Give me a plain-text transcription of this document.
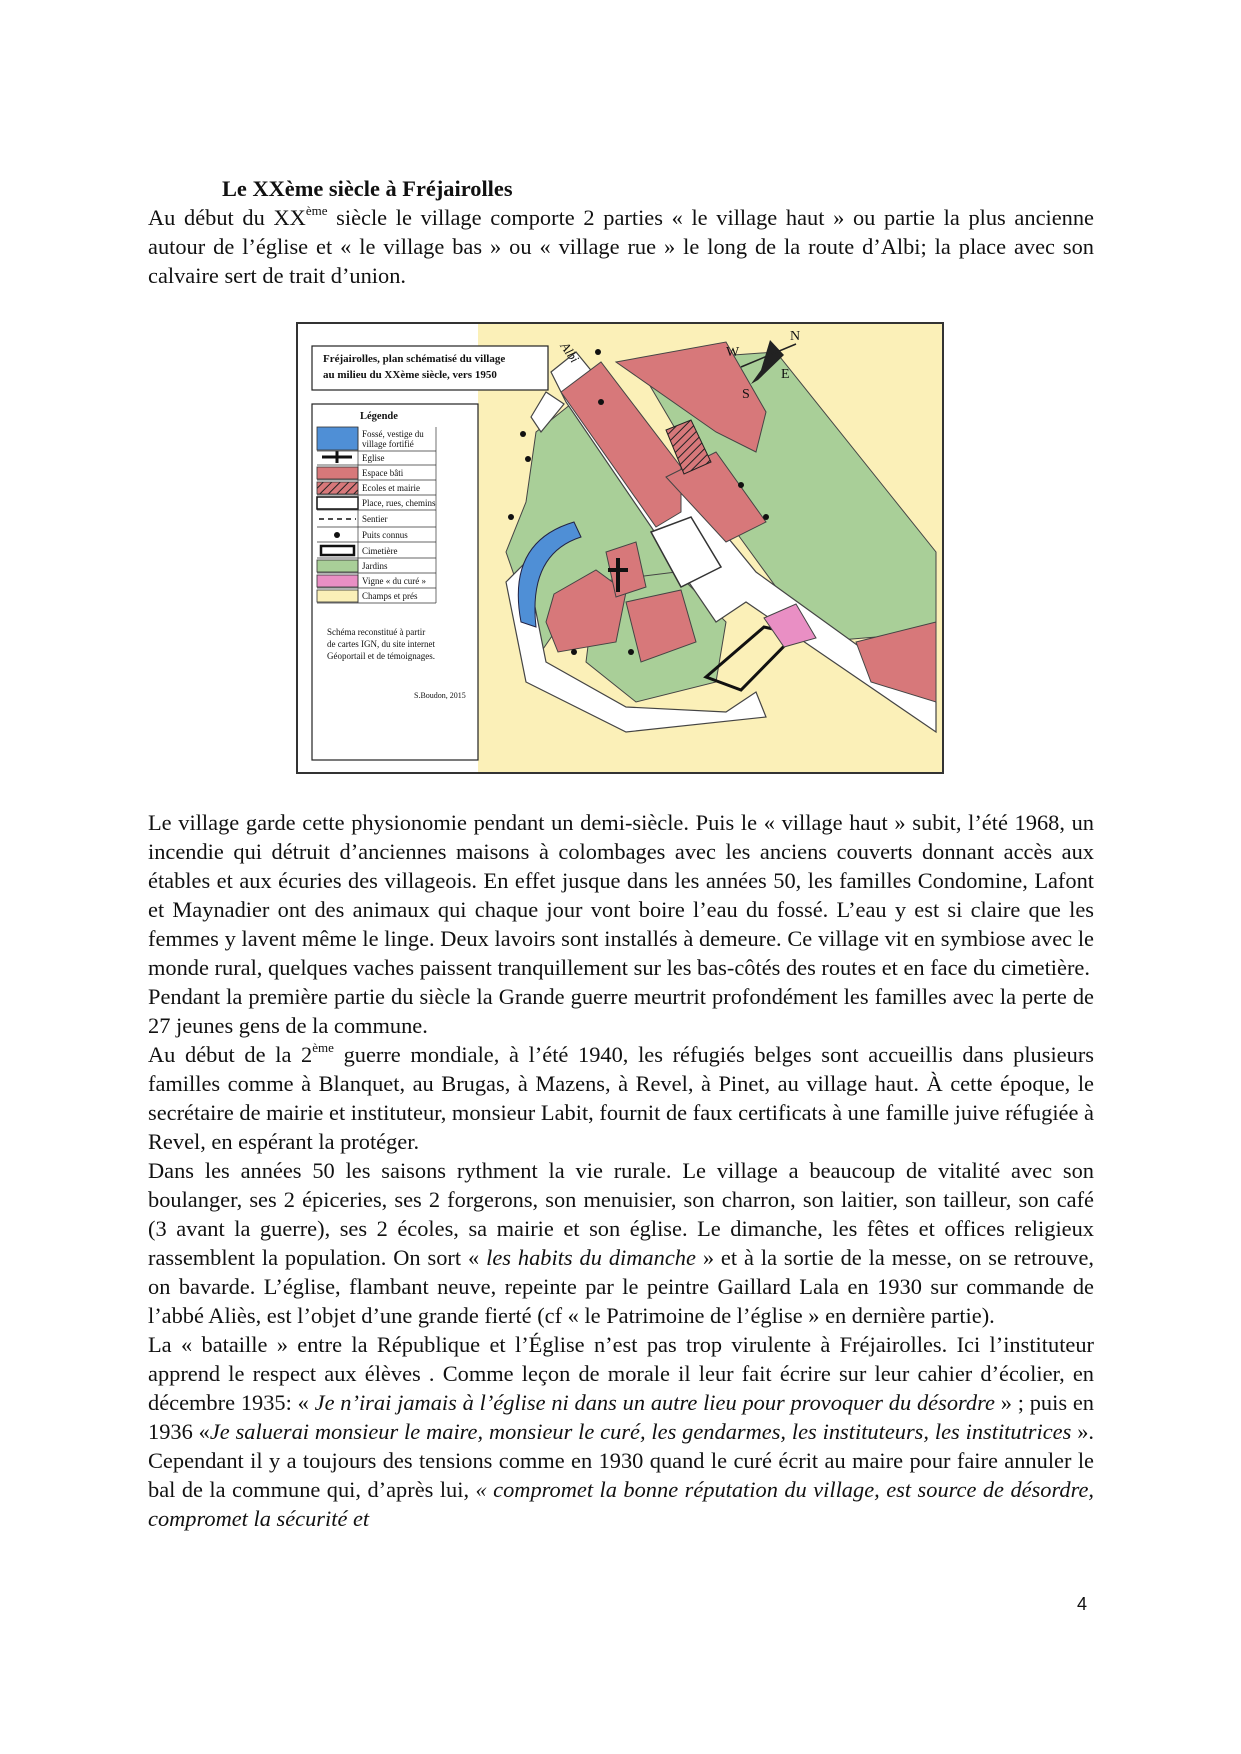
Le XXème siècle à Fréjairolles

Au début du XXème siècle le village comporte 2 parties « le village haut » ou partie la plus ancienne autour de l’église et « le village bas » ou « village rue » le long de la route d’Albi; la place avec son calvaire sert de trait d’union.

N
W
E
S
Albi
Fréjairolles, plan schématisé du village
au milieu du XXème siècle, vers 1950
Légende
Fossé, vestige du
village fortifié
Eglise
Espace bâti
Ecoles et mairie
Place, rues, chemins
Sentier
Puits connus
Cimetière
Jardins
Vigne « du curé »
Champs et prés
Schéma reconstitué à partir
de cartes IGN, du site internet
Géoportail et de témoignages.
S.Boudon, 2015

Le village garde cette physionomie pendant un demi-siècle. Puis le « village haut » subit, l’été 1968, un incendie qui détruit d’anciennes maisons à colombages avec les anciens couverts donnant accès aux étables et aux écuries des villageois. En effet jusque dans les années 50, les familles Condomine, Lafont et Maynadier ont des animaux qui chaque jour vont boire l’eau du fossé. L’eau y est si claire que les femmes y lavent même le linge. Deux lavoirs sont installés à demeure. Ce village vit en symbiose avec le monde rural, quelques vaches paissent tranquillement sur les bas-côtés des routes et en face du cimetière.

Pendant la première partie du siècle la Grande guerre meurtrit profondément les familles avec la perte de 27 jeunes gens de la commune.

Au début de la 2ème guerre mondiale, à l’été 1940, les réfugiés belges sont accueillis dans plusieurs familles comme à Blanquet, au Brugas, à Mazens, à Revel, à Pinet, au village haut. À cette époque, le secrétaire de mairie et instituteur, monsieur Labit, fournit de faux certificats à une famille juive réfugiée à Revel, en espérant la protéger.

Dans les années 50 les saisons rythment la vie rurale. Le village a beaucoup de vitalité avec son boulanger, ses 2 épiceries, ses 2 forgerons, son menuisier, son charron, son laitier, son tailleur, son café (3 avant la guerre), ses 2 écoles, sa mairie et son église. Le dimanche, les fêtes et offices religieux rassemblent la population. On sort « les habits du dimanche » et à la sortie de la messe, on se retrouve, on bavarde. L’église, flambant neuve, repeinte par le peintre Gaillard Lala en 1930 sur commande de l’abbé Aliès, est l’objet d’une grande fierté (cf « le Patrimoine de l’église » en dernière partie).

La « bataille » entre la République et l’Église n’est pas trop virulente à Fréjairolles. Ici l’instituteur apprend le respect aux élèves . Comme leçon de morale il leur fait écrire sur leur cahier d’écolier, en décembre 1935: « Je n’irai jamais à l’église ni dans un autre lieu pour provoquer du désordre » ; puis en 1936 «Je saluerai monsieur le maire, monsieur le curé, les gendarmes, les instituteurs, les institutrices ». Cependant il y a toujours des tensions comme en 1930 quand le curé écrit au maire pour faire annuler le bal de la commune qui, d’après lui, « compromet la bonne réputation du village, est source de désordre, compromet la sécurité et

4
